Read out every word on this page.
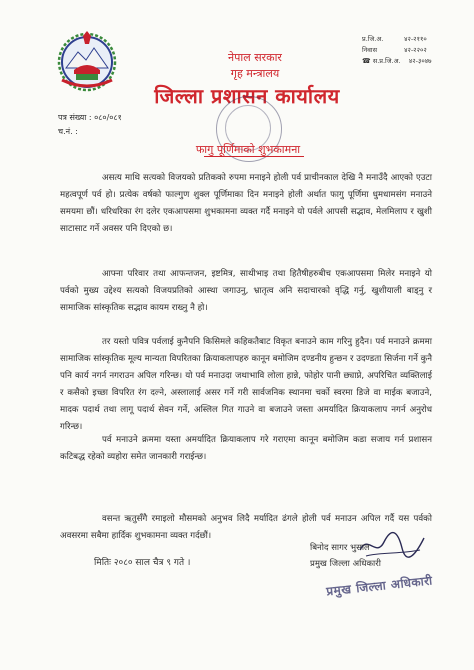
नेपाल सरकार
गृह मन्त्रालय
जिल्ला प्रशासन कार्यालय
प्र.जि.अ.	४२-२११०
निवास	४२-२२०२
☎ स.प्र.जि.अ. ४२-३०४७
पत्र संख्या : ०८०/०८१
च.नं. :
फागु पूर्णिमाको शुभकामना

असत्य माथि सत्यको विजयको प्रतिकको रुपमा मनाइने होली पर्व प्राचीनकाल देखि नै मनाउँदै आएको एउटा महत्वपूर्ण पर्व हो। प्रत्येक वर्षको फाल्गुण शुक्ल पूर्णिमाका दिन मनाइने होली अर्थात फागु पूर्णिमा धुमधामसंग मनाउने समयमा छौं। धरिधरिका रंग दलेर एकआपसमा शुभकामना व्यक्त गर्दै मनाइने यो पर्वले आपसी सद्भाव, मेलमिलाप र खुशी साटासाट गर्ने अवसर पनि दिएको छ।

आफ्ना परिवार तथा आफन्तजन, इष्टमित्र, साथीभाइ तथा हितैषीहरुबीच एकआपसमा मिलेर मनाइने यो पर्वको मुख्य उद्देश्य सत्यको विजयप्रतिको आस्था जगाउनु, भ्रातृत्व अनि सदाचारको वृद्धि गर्नु, खुशीयाली बाड्नु र सामाजिक सांस्कृतिक सद्भाव कायम राख्नु नै हो।

तर यस्तो पवित्र पर्वलाई कुनैपनि किसिमले कहिकतैबाट विकृत बनाउने काम गरिनु हुदैन। पर्व मनाउने क्रममा सामाजिक सांस्कृतिक मूल्य मान्यता विपरितका क्रियाकलापहरु कानून बमोजिम दण्डनीय हुन्छन र उदण्डता सिर्जना गर्ने कुनै पनि कार्य नगर्न नगराउन अपिल गरिन्छ। यो पर्व मनाउदा जथाभावि लोला हान्ने, फोहोर पानी छ्याप्ने, अपरिचित व्यक्तिलाई र कसैको इच्छा विपरित रंग दल्ने, अस्लालाई असर गर्ने गरी सार्वजनिक स्थानमा चर्को स्वरमा डिजे वा माईक बजाउने, मादक पदार्थ तथा लागू पदार्थ सेवन गर्ने, अस्लिल गित गाउने वा बजाउने जस्ता अमर्यादित क्रियाकलाप नगर्न अनुरोध गरिन्छ।

पर्व मनाउने क्रममा यस्ता अमर्यादित क्रियाकलाप गरे गराएमा कानून बमोजिम कडा सजाय गर्न प्रशासन कटिबद्ध रहेको व्यहोरा समेत जानकारी गराईन्छ।

वसन्त ऋतुसँगै रमाइलो मौसमको अनुभव लिदै मर्यादित ढंगले होली पर्व मनाउन अपिल गर्दै यस पर्वको अवसरमा सबैमा हार्दिक शुभकामना व्यक्त गर्दछौं।

मितिः २०८० साल चैत्र ९ गते ।
बिनोद सागर भुसाल
प्रमुख जिल्ला अधिकारी
प्रमुख जिल्ला अधिकारी
